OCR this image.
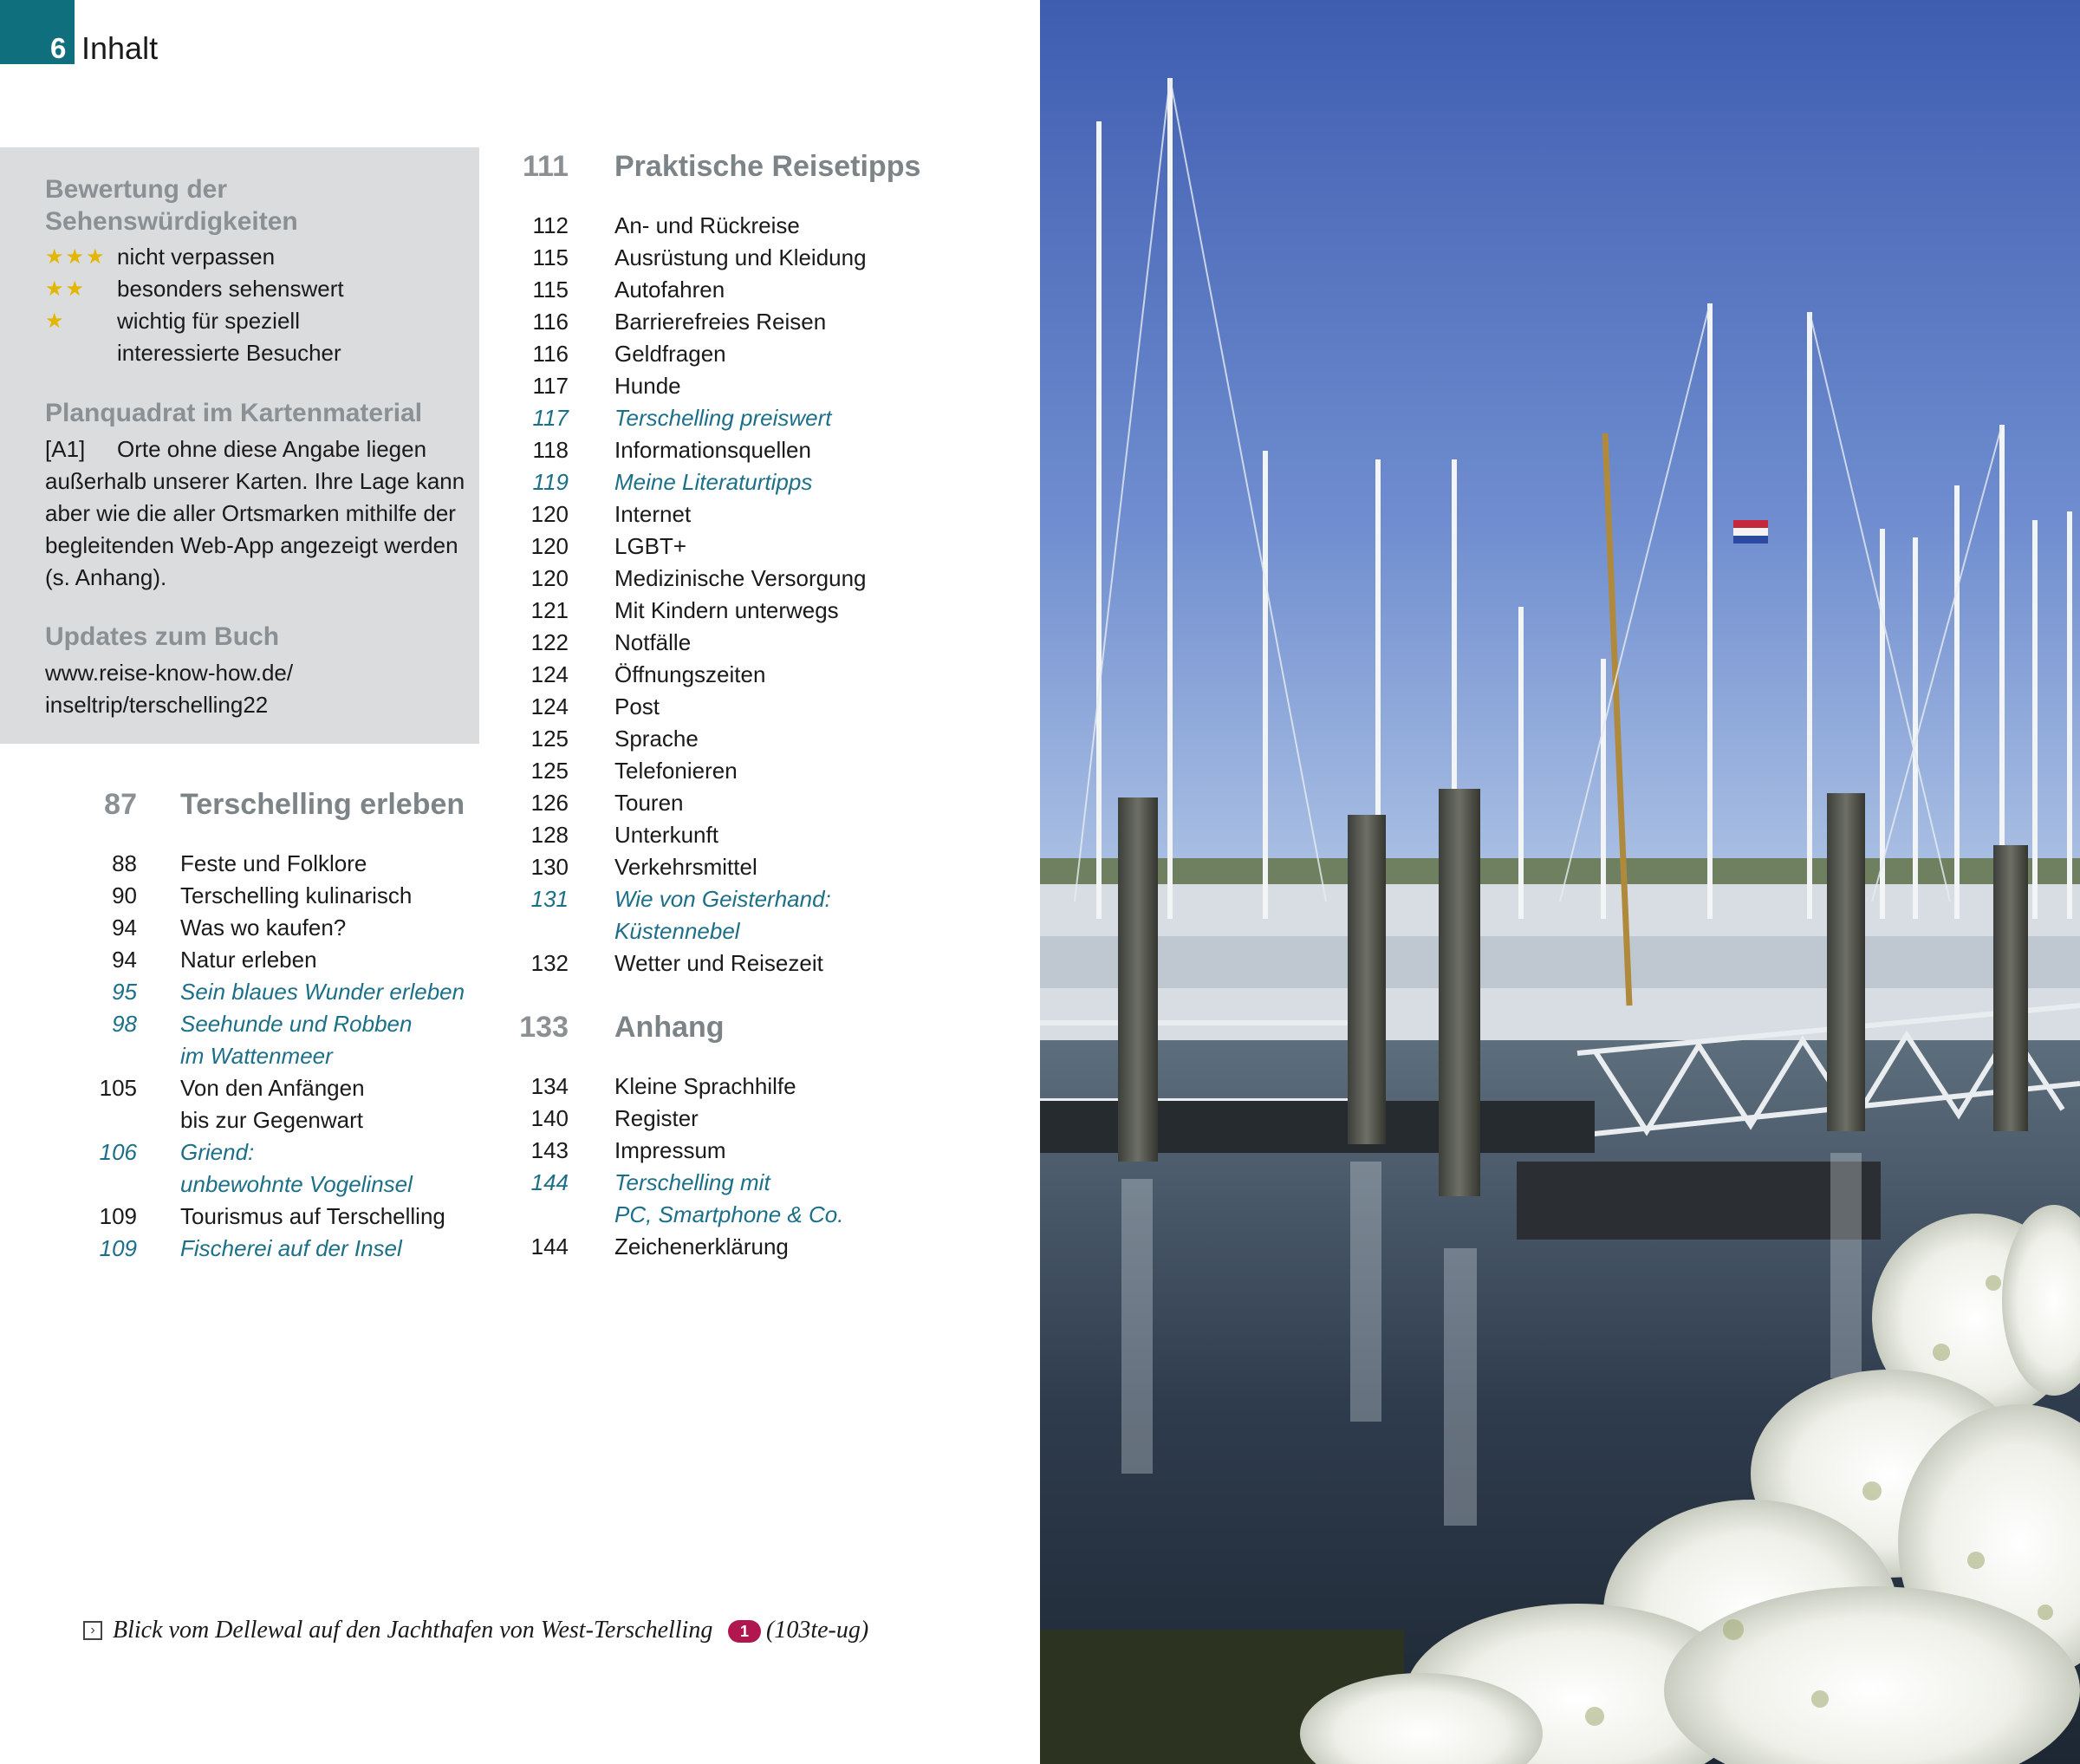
6 Inhalt
Bewertung der
Sehenswürdigkeiten
★★★ nicht verpassen
★★ besonders sehenswert
★ wichtig für speziell
interessierte Besucher
Planquadrat im Kartenmaterial
[A1] Orte ohne diese Angabe liegen
außerhalb unserer Karten. Ihre Lage kann
aber wie die aller Ortsmarken mithilfe der
begleitenden Web-App angezeigt werden
(s. Anhang).
Updates zum Buch
www.reise-know-how.de/
inseltrip/terschelling22
87 Terschelling erleben
88 Feste und Folklore
90 Terschelling kulinarisch
94 Was wo kaufen?
94 Natur erleben
95 Sein blaues Wunder erleben
98 Seehunde und Robben
im Wattenmeer
105 Von den Anfängen
bis zur Gegenwart
106 Griend:
unbewohnte Vogelinsel
109 Tourismus auf Terschelling
109 Fischerei auf der Insel
111 Praktische Reisetipps
112 An- und Rückreise
115 Ausrüstung und Kleidung
115 Autofahren
116 Barrierefreies Reisen
116 Geldfragen
117 Hunde
117 Terschelling preiswert
118 Informationsquellen
119 Meine Literaturtipps
120 Internet
120 LGBT+
120 Medizinische Versorgung
121 Mit Kindern unterwegs
122 Notfälle
124 Öffnungszeiten
124 Post
125 Sprache
125 Telefonieren
126 Touren
128 Unterkunft
130 Verkehrsmittel
131 Wie von Geisterhand:
Küstennebel
132 Wetter und Reisezeit
133 Anhang
134 Kleine Sprachhilfe
140 Register
143 Impressum
144 Terschelling mit
PC, Smartphone & Co.
144 Zeichenerklärung
› Blick vom Dellewal auf den Jachthafen von West-Terschelling	1 (103te-ug)
